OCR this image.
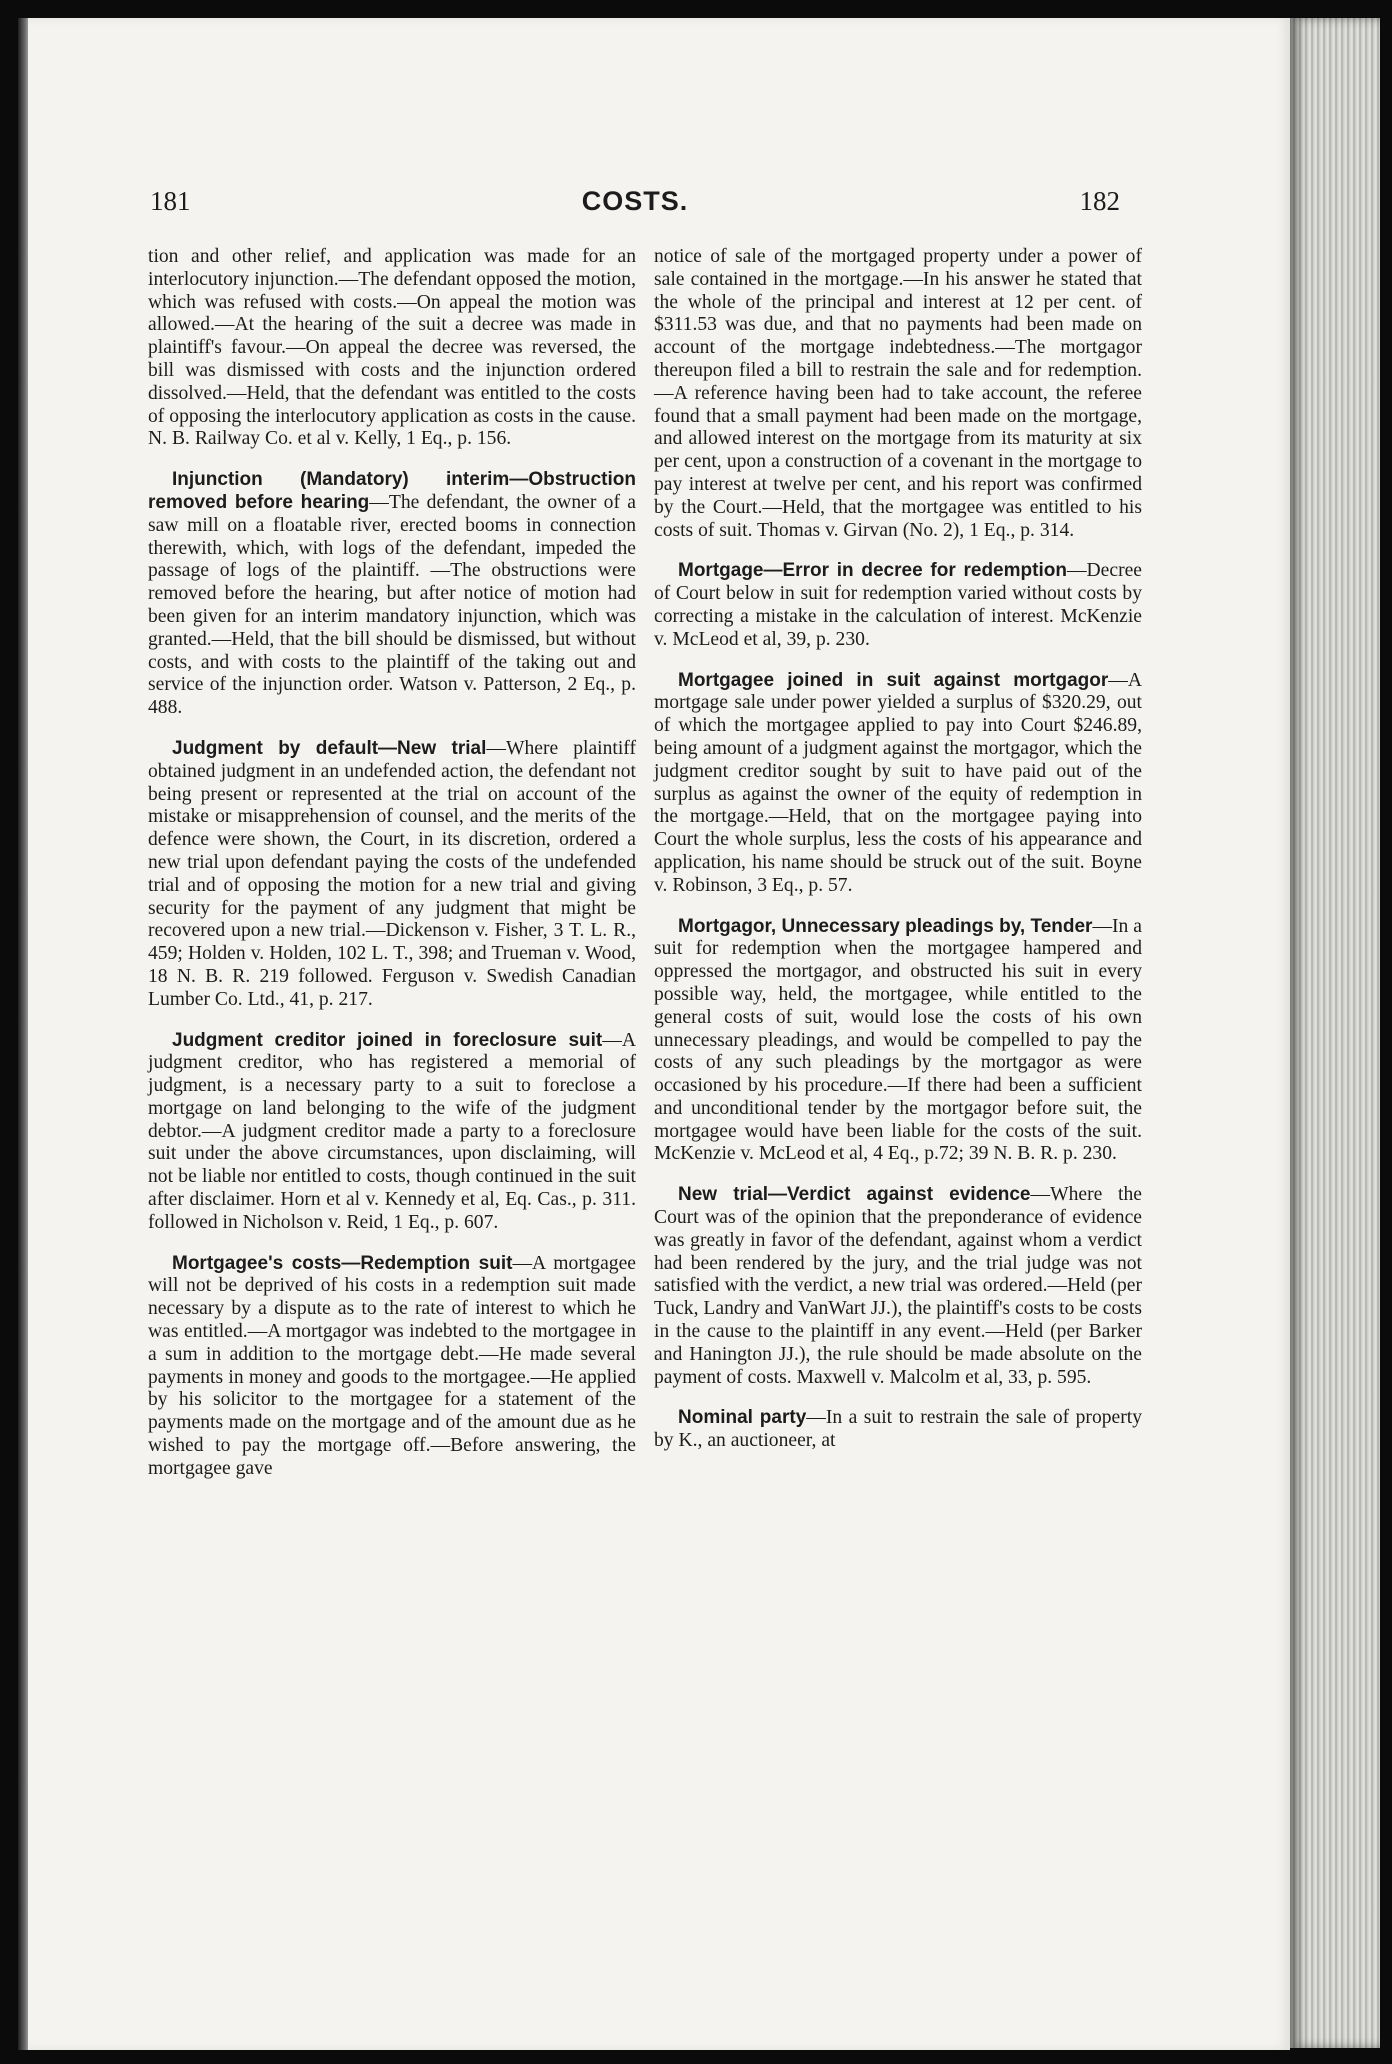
181	COSTS.	182

tion and other relief, and application was made for an interlocutory injunction.—The defendant opposed the motion, which was refused with costs.—On appeal the motion was allowed.—At the hearing of the suit a decree was made in plaintiff's favour.—On appeal the decree was reversed, the bill was dismissed with costs and the injunction ordered dissolved.—Held, that the defendant was entitled to the costs of opposing the interlocutory application as costs in the cause. N. B. Railway Co. et al v. Kelly, 1 Eq., p. 156.

Injunction (Mandatory) interim—Obstruction removed before hearing—The defendant, the owner of a saw mill on a floatable river, erected booms in connection therewith, which, with logs of the defendant, impeded the passage of logs of the plaintiff. —The obstructions were removed before the hearing, but after notice of motion had been given for an interim mandatory injunction, which was granted.—Held, that the bill should be dismissed, but without costs, and with costs to the plaintiff of the taking out and service of the injunction order. Watson v. Patterson, 2 Eq., p. 488.

Judgment by default—New trial—Where plaintiff obtained judgment in an undefended action, the defendant not being present or represented at the trial on account of the mistake or misapprehension of counsel, and the merits of the defence were shown, the Court, in its discretion, ordered a new trial upon defendant paying the costs of the undefended trial and of opposing the motion for a new trial and giving security for the payment of any judgment that might be recovered upon a new trial.—Dickenson v. Fisher, 3 T. L. R., 459; Holden v. Holden, 102 L. T., 398; and Trueman v. Wood, 18 N. B. R. 219 followed. Ferguson v. Swedish Canadian Lumber Co. Ltd., 41, p. 217.

Judgment creditor joined in foreclosure suit—A judgment creditor, who has registered a memorial of judgment, is a necessary party to a suit to foreclose a mortgage on land belonging to the wife of the judgment debtor.—A judgment creditor made a party to a foreclosure suit under the above circumstances, upon disclaiming, will not be liable nor entitled to costs, though continued in the suit after disclaimer. Horn et al v. Kennedy et al, Eq. Cas., p. 311. followed in Nicholson v. Reid, 1 Eq., p. 607.

Mortgagee's costs—Redemption suit—A mortgagee will not be deprived of his costs in a redemption suit made necessary by a dispute as to the rate of interest to which he was entitled.—A mortgagor was indebted to the mortgagee in a sum in addition to the mortgage debt.—He made several payments in money and goods to the mortgagee.—He applied by his solicitor to the mortgagee for a statement of the payments made on the mortgage and of the amount due as he wished to pay the mortgage off.—Before answering, the mortgagee gave

notice of sale of the mortgaged property under a power of sale contained in the mortgage.—In his answer he stated that the whole of the principal and interest at 12 per cent. of $311.53 was due, and that no payments had been made on account of the mortgage indebtedness.—The mortgagor thereupon filed a bill to restrain the sale and for redemption.—A reference having been had to take account, the referee found that a small payment had been made on the mortgage, and allowed interest on the mortgage from its maturity at six per cent, upon a construction of a covenant in the mortgage to pay interest at twelve per cent, and his report was confirmed by the Court.—Held, that the mortgagee was entitled to his costs of suit. Thomas v. Girvan (No. 2), 1 Eq., p. 314.

Mortgage—Error in decree for redemption—Decree of Court below in suit for redemption varied without costs by correcting a mistake in the calculation of interest. McKenzie v. McLeod et al, 39, p. 230.

Mortgagee joined in suit against mortgagor—A mortgage sale under power yielded a surplus of $320.29, out of which the mortgagee applied to pay into Court $246.89, being amount of a judgment against the mortgagor, which the judgment creditor sought by suit to have paid out of the surplus as against the owner of the equity of redemption in the mortgage.—Held, that on the mortgagee paying into Court the whole surplus, less the costs of his appearance and application, his name should be struck out of the suit. Boyne v. Robinson, 3 Eq., p. 57.

Mortgagor, Unnecessary pleadings by, Tender—In a suit for redemption when the mortgagee hampered and oppressed the mortgagor, and obstructed his suit in every possible way, held, the mortgagee, while entitled to the general costs of suit, would lose the costs of his own unnecessary pleadings, and would be compelled to pay the costs of any such pleadings by the mortgagor as were occasioned by his procedure.—If there had been a sufficient and unconditional tender by the mortgagor before suit, the mortgagee would have been liable for the costs of the suit. McKenzie v. McLeod et al, 4 Eq., p.72; 39 N. B. R. p. 230.

New trial—Verdict against evidence—Where the Court was of the opinion that the preponderance of evidence was greatly in favor of the defendant, against whom a verdict had been rendered by the jury, and the trial judge was not satisfied with the verdict, a new trial was ordered.—Held (per Tuck, Landry and VanWart JJ.), the plaintiff's costs to be costs in the cause to the plaintiff in any event.—Held (per Barker and Hanington JJ.), the rule should be made absolute on the payment of costs. Maxwell v. Malcolm et al, 33, p. 595.

Nominal party—In a suit to restrain the sale of property by K., an auctioneer, at
